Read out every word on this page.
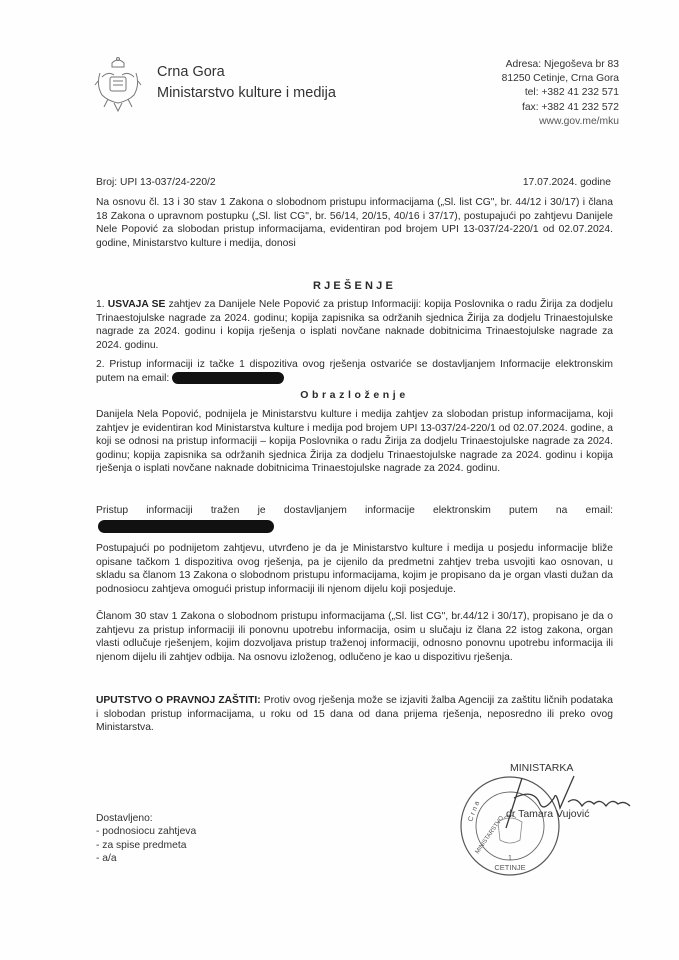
Crna Gora
Ministarstvo kulture i medija
Adresa: Njegoševa br 83
81250 Cetinje, Crna Gora
tel: +382 41 232 571
fax: +382 41 232 572
www.gov.me/mku
Broj: UPI 13-037/24-220/2	17.07.2024. godine
Na osnovu čl. 13 i 30 stav 1 Zakona o slobodnom pristupu informacijama („Sl. list CG", br. 44/12 i 30/17) i člana 18 Zakona o upravnom postupku („Sl. list CG", br. 56/14, 20/15, 40/16 i 37/17), postupajući po zahtjevu Danijele Nele Popović za slobodan pristup informacijama, evidentiran pod brojem UPI 13-037/24-220/1 od 02.07.2024. godine, Ministarstvo kulture i medija, donosi
RJEŠENJE
1. USVAJA SE zahtjev za Danijele Nele Popović za pristup Informaciji: kopija Poslovnika o radu Žirija za dodjelu Trinaestojulske nagrade za 2024. godinu; kopija zapisnika sa održanih sjednica Žirija za dodjelu Trinaestojulske nagrade za 2024. godinu i kopija rješenja o isplati novčane naknade dobitnicima Trinaestojulske nagrade za 2024. godinu.
2. Pristup informaciji iz tačke 1 dispozitiva ovog rješenja ostvariće se dostavljanjem Informacije elektronskim putem na email:
Obrazloženje
Danijela Nela Popović, podnijela je Ministarstvu kulture i medija zahtjev za slobodan pristup informacijama, koji zahtjev je evidentiran kod Ministarstva kulture i medija pod brojem UPI 13-037/24-220/1 od 02.07.2024. godine, a koji se odnosi na pristup informaciji – kopija Poslovnika o radu Žirija za dodjelu Trinaestojulske nagrade za 2024. godinu; kopija zapisnika sa održanih sjednica Žirija za dodjelu Trinaestojulske nagrade za 2024. godinu i kopija rješenja o isplati novčane naknade dobitnicima Trinaestojulske nagrade za 2024. godinu.
Pristup informaciji tražen je dostavljanjem informacije elektronskim putem na email:
Postupajući po podnijetom zahtjevu, utvrđeno je da je Ministarstvo kulture i medija u posjedu informacije bliže opisane tačkom 1 dispozitiva ovog rješenja, pa je cijenilo da predmetni zahtjev treba usvojiti kao osnovan, u skladu sa članom 13 Zakona o slobodnom pristupu informacijama, kojim je propisano da je organ vlasti dužan da podnosiocu zahtjeva omogući pristup informaciji ili njenom dijelu koji posjeduje.
Članom 30 stav 1 Zakona o slobodnom pristupu informacijama („Sl. list CG", br.44/12 i 30/17), propisano je da o zahtjevu za pristup informaciji ili ponovnu upotrebu informacija, osim u slučaju iz člana 22 istog zakona, organ vlasti odlučuje rješenjem, kojim dozvoljava pristup traženoj informaciji, odnosno ponovnu upotrebu informacija ili njenom dijelu ili zahtjev odbija. Na osnovu izloženog, odlučeno je kao u dispozitivu rješenja.
UPUTSTVO O PRAVNOJ ZAŠTITI: Protiv ovog rješenja može se izjaviti žalba Agenciji za zaštitu ličnih podataka i slobodan pristup informacijama, u roku od 15 dana od dana prijema rješenja, neposredno ili preko ovog Ministarstva.
MINISTARKA
1
CETINJE
C r n a
MINISTARSTVO
dr Tamara Vujović
Dostavljeno:
- podnosiocu zahtjeva
- za spise predmeta
- a/a
